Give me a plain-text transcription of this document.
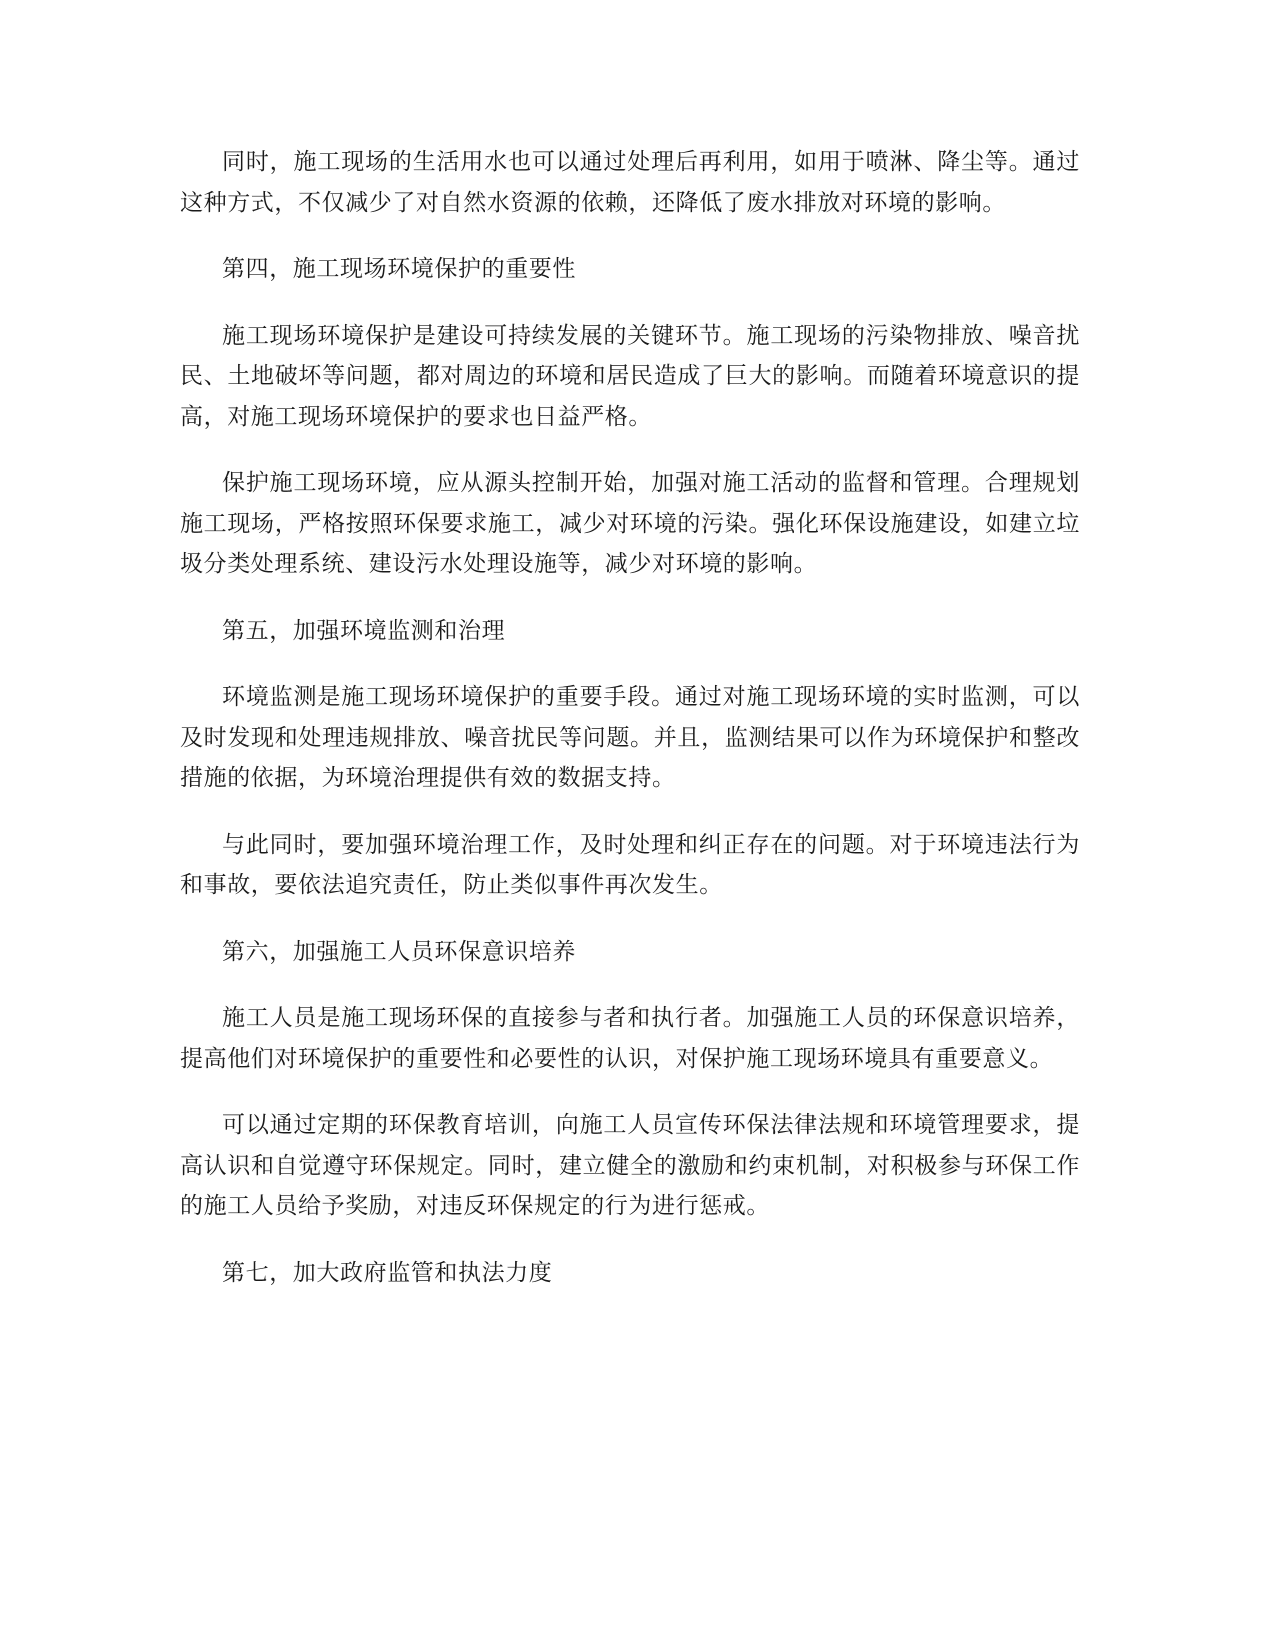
同时，施工现场的生活用水也可以通过处理后再利用，如用于喷淋、降尘等。通过这种方式，不仅减少了对自然水资源的依赖，还降低了废水排放对环境的影响。

第四，施工现场环境保护的重要性

施工现场环境保护是建设可持续发展的关键环节。施工现场的污染物排放、噪音扰民、土地破坏等问题，都对周边的环境和居民造成了巨大的影响。而随着环境意识的提高，对施工现场环境保护的要求也日益严格。

保护施工现场环境，应从源头控制开始，加强对施工活动的监督和管理。合理规划施工现场，严格按照环保要求施工，减少对环境的污染。强化环保设施建设，如建立垃圾分类处理系统、建设污水处理设施等，减少对环境的影响。

第五，加强环境监测和治理

环境监测是施工现场环境保护的重要手段。通过对施工现场环境的实时监测，可以及时发现和处理违规排放、噪音扰民等问题。并且，监测结果可以作为环境保护和整改措施的依据，为环境治理提供有效的数据支持。

与此同时，要加强环境治理工作，及时处理和纠正存在的问题。对于环境违法行为和事故，要依法追究责任，防止类似事件再次发生。

第六，加强施工人员环保意识培养

施工人员是施工现场环保的直接参与者和执行者。加强施工人员的环保意识培养，提高他们对环境保护的重要性和必要性的认识，对保护施工现场环境具有重要意义。

可以通过定期的环保教育培训，向施工人员宣传环保法律法规和环境管理要求，提高认识和自觉遵守环保规定。同时，建立健全的激励和约束机制，对积极参与环保工作的施工人员给予奖励，对违反环保规定的行为进行惩戒。

第七，加大政府监管和执法力度
